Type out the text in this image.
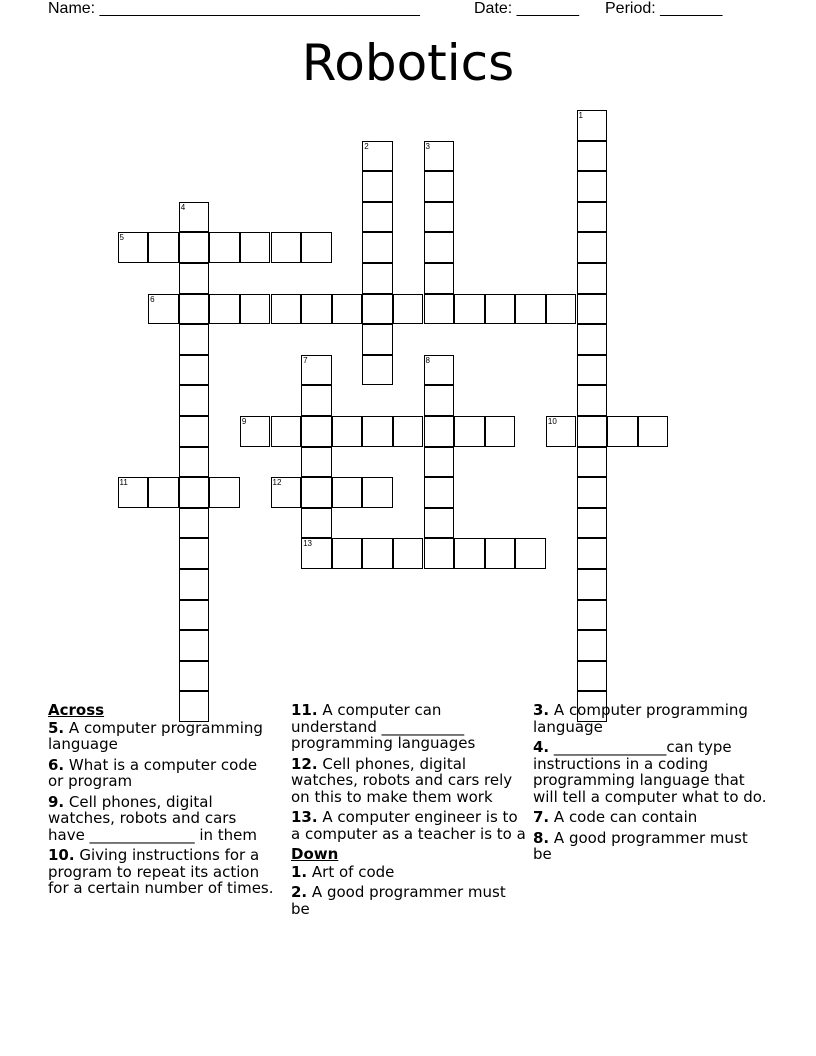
Name: ____________________________________	Date: _______ Period: _______
Robotics
1
2	3
4
5
6
7	8
9	10
11	12
13
Across
5. A computer programming language
6. What is a computer code or program
9. Cell phones, digital watches, robots and cars have ______________ in them
10. Giving instructions for a program to repeat its action for a certain number of times.
11. A computer can understand ___________ programming languages
12. Cell phones, digital watches, robots and cars rely on this to make them work
13. A computer engineer is to a computer as a teacher is to a
Down
1. Art of code
2. A good programmer must be
3. A computer programming language
4. _______________can type instructions in a coding programming language that will tell a computer what to do.
7. A code can contain
8. A good programmer must be
